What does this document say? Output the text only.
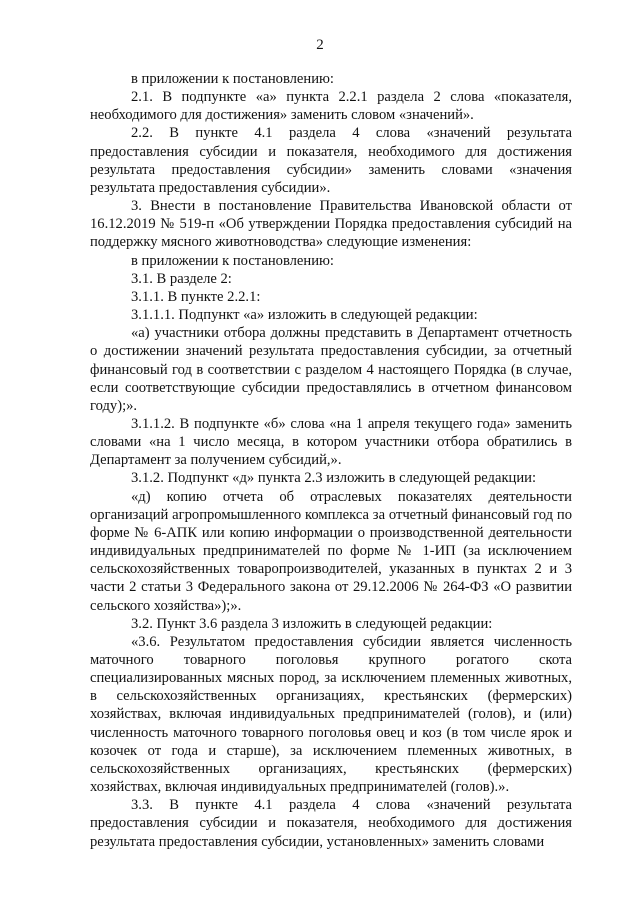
2

в приложении к постановлению:

2.1. В подпункте «а» пункта 2.2.1 раздела 2 слова «показателя, необходимого для достижения» заменить словом «значений».

2.2. В пункте 4.1 раздела 4 слова «значений результата предоставления субсидии и показателя, необходимого для достижения результата предоставления субсидии» заменить словами «значения результата предоставления субсидии».

3. Внести в постановление Правительства Ивановской области от 16.12.2019 № 519-п «Об утверждении Порядка предоставления субсидий на поддержку мясного животноводства» следующие изменения:

в приложении к постановлению:

3.1. В разделе 2:

3.1.1. В пункте 2.2.1:

3.1.1.1. Подпункт «а» изложить в следующей редакции:

«а) участники отбора должны представить в Департамент отчетность о достижении значений результата предоставления субсидии, за отчетный финансовый год в соответствии с разделом 4 настоящего Порядка (в случае, если соответствующие субсидии предоставлялись в отчетном финансовом году);».

3.1.1.2. В подпункте «б» слова «на 1 апреля текущего года» заменить словами «на 1 число месяца, в котором участники отбора обратились в Департамент за получением субсидий,».

3.1.2. Подпункт «д» пункта 2.3 изложить в следующей редакции:

«д) копию отчета об отраслевых показателях деятельности организаций агропромышленного комплекса за отчетный финансовый год по форме № 6-АПК или копию информации о производственной деятельности индивидуальных предпринимателей по форме № 1-ИП (за исключением сельскохозяйственных товаропроизводителей, указанных в пунктах 2 и 3 части 2 статьи 3 Федерального закона от 29.12.2006 № 264-ФЗ «О развитии сельского хозяйства»);».

3.2. Пункт 3.6 раздела 3 изложить в следующей редакции:

«3.6. Результатом предоставления субсидии является численность маточного товарного поголовья крупного рогатого скота специализированных мясных пород, за исключением племенных животных, в сельскохозяйственных организациях, крестьянских (фермерских) хозяйствах, включая индивидуальных предпринимателей (голов), и (или) численность маточного товарного поголовья овец и коз (в том числе ярок и козочек от года и старше), за исключением племенных животных, в сельскохозяйственных организациях, крестьянских (фермерских) хозяйствах, включая индивидуальных предпринимателей (голов).».

3.3. В пункте 4.1 раздела 4 слова «значений результата предоставления субсидии и показателя, необходимого для достижения результата предоставления субсидии, установленных» заменить словами
